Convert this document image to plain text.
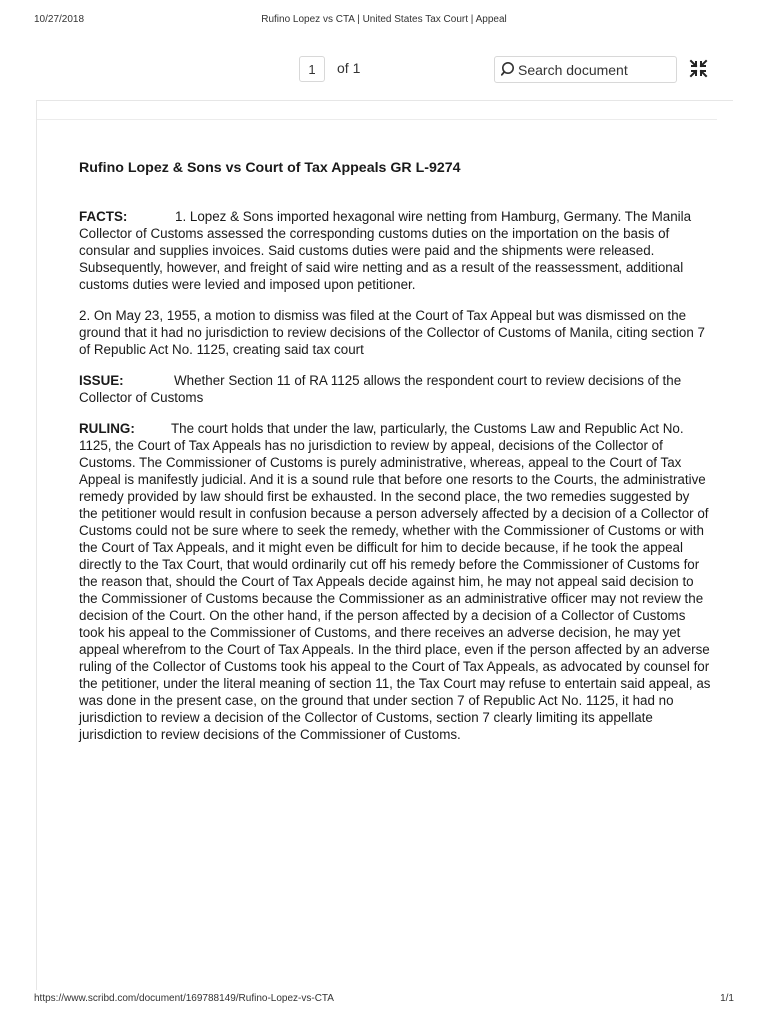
10/27/2018	Rufino Lopez vs CTA | United States Tax Court | Appeal
1	of 1	Search document

Rufino Lopez & Sons vs Court of Tax Appeals GR L-9274

FACTS:	1. Lopez & Sons imported hexagonal wire netting from Hamburg, Germany. The Manila Collector of Customs assessed the corresponding customs duties on the importation on the basis of consular and supplies invoices. Said customs duties were paid and the shipments were released. Subsequently, however, and freight of said wire netting and as a result of the reassessment, additional customs duties were levied and imposed upon petitioner.

2. On May 23, 1955, a motion to dismiss was filed at the Court of Tax Appeal but was dismissed on the ground that it had no jurisdiction to review decisions of the Collector of Customs of Manila, citing section 7 of Republic Act No. 1125, creating said tax court

ISSUE:	Whether Section 11 of RA 1125 allows the respondent court to review decisions of the Collector of Customs

RULING:	The court holds that under the law, particularly, the Customs Law and Republic Act No. 1125, the Court of Tax Appeals has no jurisdiction to review by appeal, decisions of the Collector of Customs. The Commissioner of Customs is purely administrative, whereas, appeal to the Court of Tax Appeal is manifestly judicial. And it is a sound rule that before one resorts to the Courts, the administrative remedy provided by law should first be exhausted. In the second place, the two remedies suggested by the petitioner would result in confusion because a person adversely affected by a decision of a Collector of Customs could not be sure where to seek the remedy, whether with the Commissioner of Customs or with the Court of Tax Appeals, and it might even be difficult for him to decide because, if he took the appeal directly to the Tax Court, that would ordinarily cut off his remedy before the Commissioner of Customs for the reason that, should the Court of Tax Appeals decide against him, he may not appeal said decision to the Commissioner of Customs because the Commissioner as an administrative officer may not review the decision of the Court. On the other hand, if the person affected by a decision of a Collector of Customs took his appeal to the Commissioner of Customs, and there receives an adverse decision, he may yet appeal wherefrom to the Court of Tax Appeals. In the third place, even if the person affected by an adverse ruling of the Collector of Customs took his appeal to the Court of Tax Appeals, as advocated by counsel for the petitioner, under the literal meaning of section 11, the Tax Court may refuse to entertain said appeal, as was done in the present case, on the ground that under section 7 of Republic Act No. 1125, it had no jurisdiction to review a decision of the Collector of Customs, section 7 clearly limiting its appellate jurisdiction to review decisions of the Commissioner of Customs.

https://www.scribd.com/document/169788149/Rufino-Lopez-vs-CTA	1/1
